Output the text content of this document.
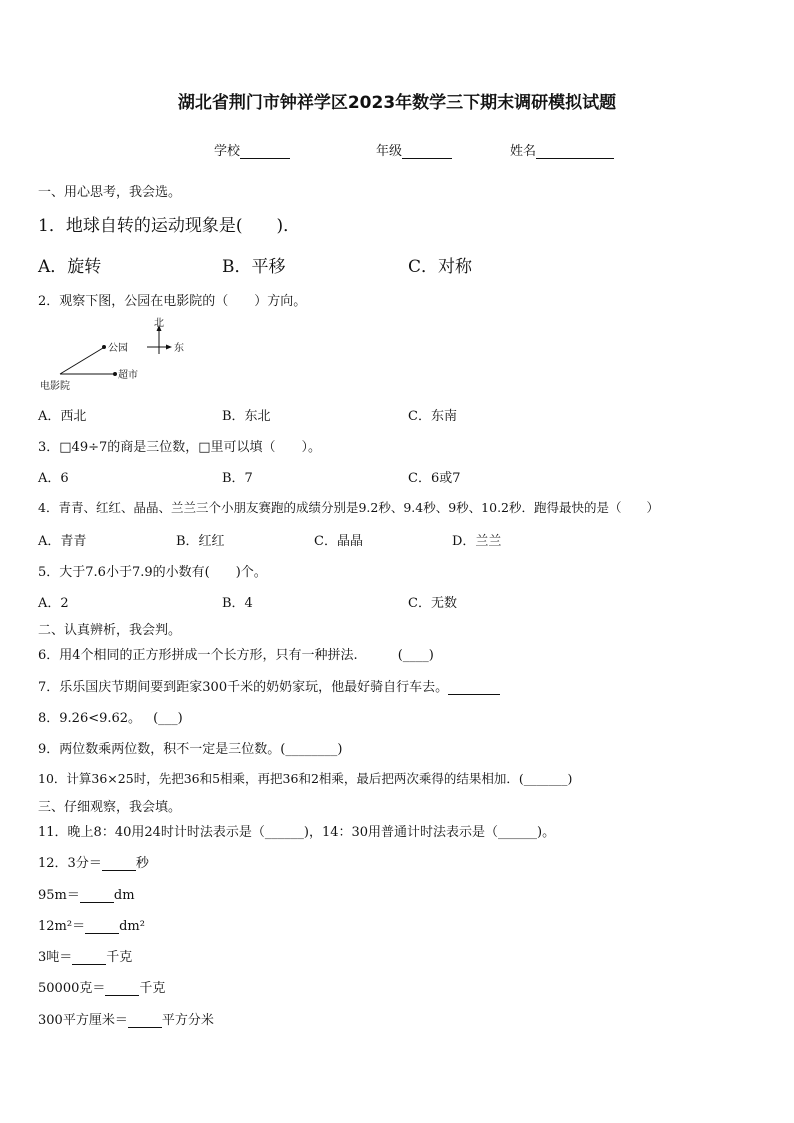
湖北省荆门市钟祥学区2023年数学三下期末调研模拟试题
学校	年级	姓名
一、用心思考，我会选。
1．地球自转的运动现象是(　　)．
A．旋转	B．平移	C．对称
2．观察下图，公园在电影院的（　　）方向。
北
东
公园
超市
电影院
A．西北	B．东北	C．东南
3．□49÷7的商是三位数，□里可以填（　　）。
A．6	B．7	C．6或7
4．青青、红红、晶晶、兰兰三个小朋友赛跑的成绩分别是9.2秒、9.4秒、9秒、10.2秒．跑得最快的是（　　）
A．青青	B．红红	C．晶晶	D．兰兰
5．大于7.6小于7.9的小数有(　　)个。
A．2	B．4	C．无数
二、认真辨析，我会判。
6．用4个相同的正方形拼成一个长方形，只有一种拼法.	(____)
7．乐乐国庆节期间要到距家300千米的奶奶家玩，他最好骑自行车去。
8．9.26<9.62。 (___)
9．两位数乘两位数，积不一定是三位数。(________)
10．计算36×25时，先把36和5相乘，再把36和2相乘，最后把两次乘得的结果相加．(_______)
三、仔细观察，我会填。
11．晚上8：40用24时计时法表示是（______)，14：30用普通计时法表示是（______)。
12．3分＝	秒
95m＝	dm
12m²＝	dm²
3吨＝	千克
50000克＝	千克
300平方厘米＝	平方分米
